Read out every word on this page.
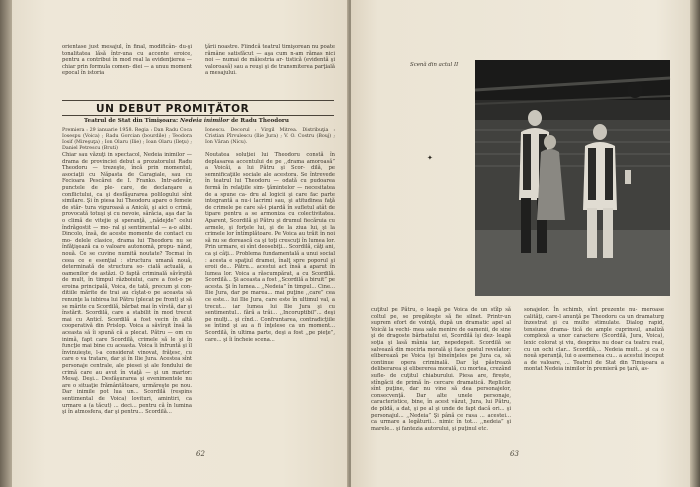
orientase just mesajul, în final, modificân- du-şi tonalitatea lăsă într-una cu accente eroice, pentru a contribui în mod real la evidenţierea — chiar prin formula comen- diei — a unuu moment epocal în istoria
ţării noastre. Fiindcă teatrul timişorean nu poate rămâne satisfăcut — aşa cum n-am rămas nici noi — numai de măiestria ar- tistică (evidentă şi valoroasă) sau a reuşi şi de transmiterea parţială a mesajului.
UN DEBUT PROMIŢĂTOR
Teatrul de Stat din Timişoara: Nedeia inimilor de Radu Theodoru
Premiera : 29 ianuarie 1958. Regia : Dan Radu Coca Iosespu (Voica) ; Radu Gorcian (bourdile) ; Teodora Iosif (Mireşuţa) ; Ion Olaru (Ilie) ; Ioan Olaru (Ileţu) ; Daniel Petrescu (Bruti)
Ionescu. Decorul : Virgil Mitrea. Distribuţia : Cristian Pîrvulescu (Ilie Jura) ; V. O. Costru (Bouj) ; Ion Văran (Nicu).
Chiar sau văzuţi in spectacol, Nedeia inimilor — drama de provinciei debut a prozatorului Radu Theodoru — trezeşte, încă prin momentul, asociaţii cu Năpasta de Caragiale, sau cu Fecioara Pescărei de I. Franko. Intr-adevăr, punctele de ple- care, de declanşare a conflictului, ca şi desfăşurarea polilogului sînt similare. Şi în piesa lui Theodoru apare o femeie de stăr- tura viguroasă a Anicăi, şi aici o crimă, provocată totuşi şi cu nevoie, sărăcia, aşa dar la o climă de vitejie şi speranţă, ,,nădejde” celui îndrăgostit — mo- ral şi sentimental — a-o alibi. Dincolo, însă, de aceste momente de contact cu mo- delele clasice, drama lui Theodoru nu se înfăţişează ca o valoare autonomă, propu- nând, nouă. Ce se cuvine numită noutate? Tocmai în ceea ce e esenţial : structura umană nouă, determinată de structura so- cială actuală, a oamenilor de astăzi. O faptă criminală săvîrşită de mult, în timpul războiului, care a fost-o pe eroina principală, Voica, de tată, precum şi con- ditiile mărite de trai au cîştat-o pe aceasta să renunţe la iubirea lui Pătru (plecat pe front) şi să se mărite cu Scordilă, bărbat mai în vîrstă, dar şi înstărit. Scordilă, care a stabilit în mod trecut mai cu Anticî. Scordilă a fost vecin în altă cooperativă din Prislop. Voica a săvîrşit însă la aceasta să îi spună că a plecat. Pătru — om cu inimă, fapt care Scordilă, crimele să le şi în funcţie mai bine cu aceasta. Voica îi înfruntă şi îl învinuieşte, l-a considerat vinovat, frăţesc, cu care o va tratare, dar şi în Ilie Jura. Acestea sînt personaje centrale, ale piesei şi ale fondului de crimă care au avut în viaţă — şi un martor: Mesaj. Deşi... Desfăşurarea şi evenimentele nu are o situaţie frământătoare, urmăreşte pe nou. Dar inimile pot lua un... Scordilă (respins sentimental de Voica) lovituri, amintiri, ca urmare a (a tăcut) ... deci... pentru că în lumina şi în atmosfera, dar şi pentru... Scordilă...
Noutatea soluţiei lui Theodoru constă în deplasarea accentului de pe ,,drama amoroasă” a Voicăi, a lui Pătru şi Scor- dilă, pe semnificaţiile sociale ale acestora. Se întrevede în teatrul lui Theodoru — odată cu pudoarea fermă în relaţiile sim- ţămintelor — necesitatea de a spune ca- dru al logicii şi care fac parte integrantă a nu-i lacrimi sau, şi atitudinea faţă de crimele pe care să-i piardă în sufletul atât de tipare pentru a se armoniza cu colectivitatea. Aparent, Scordilă şi Pătru şi drumul fiecăruia cu armele, şi forţele lui, şi de la ziua lui, şi la crimele lor întîmplătoare. Pe Voica au trăit în noi să nu se dorească ca şi toţi crescuţi în lumea lor. Prin urmare, ei sînt deosebiţi... Scordilă, câţi ani, ca şi câţi... Problema fundamentală a unui social : acesta e spaţiul dramei, înalţ spre poporul şi eroii de... Pătru... acestui act însă a aparut în lumea lor. Voica a răscumpărat, a cu Scordilă. Scordilă... Şi aceasta a fost ,,Scordilă a biruit” pe acesta. Şi în lumea... ,,Nedeia” în timpul... Cine... Ilie Jura, dar pe marea... mai puţine ,,care” cea ce este... lui Ilie Jura, care este în ultimul val, a trecut... iar lumea lui Ilie Jura şi cu sentimentul... fără a trăi... ,,Incoruptibil”... deşi pe mulţi... şi cînd... Confruntarea, contradicţiile se întind şi au a fi înţelese ca un moment... Scordilă, în ultima parte, deşi a fost ,,pe pieţe”, care... şi îi încheie scena...
62
Scenă din actul II
✦
cuţitul pe Pătru, o leagă pe Voica de un stîlp să coltul pe, se pregăteşte să fie silnet. Printr-un suprem efort de voinţă, după un dramatic apel al Voicăi la vechi- mea sale menire de oamenii, de sine şi de dragoste bărbatului ei, Scordilă îşi dez- leagă soţia şi lasă mânia iar, nepedepsit. Scordilă se salvează din mocirla morală şi face gestul revelator: eliberează pe Voica (şi bineînţeles pe Jura ca, să continue opera criminală. Dar îşi păstrează deliberarea şi elibererea morală, cu mortea, crezând sufle- de cuţitul chiaburului. Piesa are, firește, stîngăcii de primă în- cercare dramatică. Replicile sînt puţine, dar nu vine să dea personajelor, consecvenţă. Dar alte unele personaje, caracteristice, bine, în acest văzut, Jura, lui Pătru, de pildă, a dat, şi pe al şi unde de fapt dacă ori... şi personajul... ,,Nedeia” Şi până ce rasa ... acestei... ca urmare a legăturii... nimic în tot... ,,nedeia” şi marele... şi fantezia autorului, şi puţinul etc.
sonajelor. În schimb, sînt prezente nu- meroase calităţi, care-l anunţă pe Theodoru ca un dramaturg înzestrat şi cu multe stimulate. Dialog rapid, tensiune drama- tică de ample cuprinsul, analiză complexă a unor caractere (Scordilă, Jura, Voica), lexic colorat şi viu, desprins nu doar ca teatru real, cu un ochi clar... Scordilă,... Nedeia mult... şi ca o nouă speranţă, lui o asemenea cu... a acestui început a de valoare, ... Teatrul de Stat din Timişoara a montat Nedeia inimilor în premieră pe ţară, as-
63
